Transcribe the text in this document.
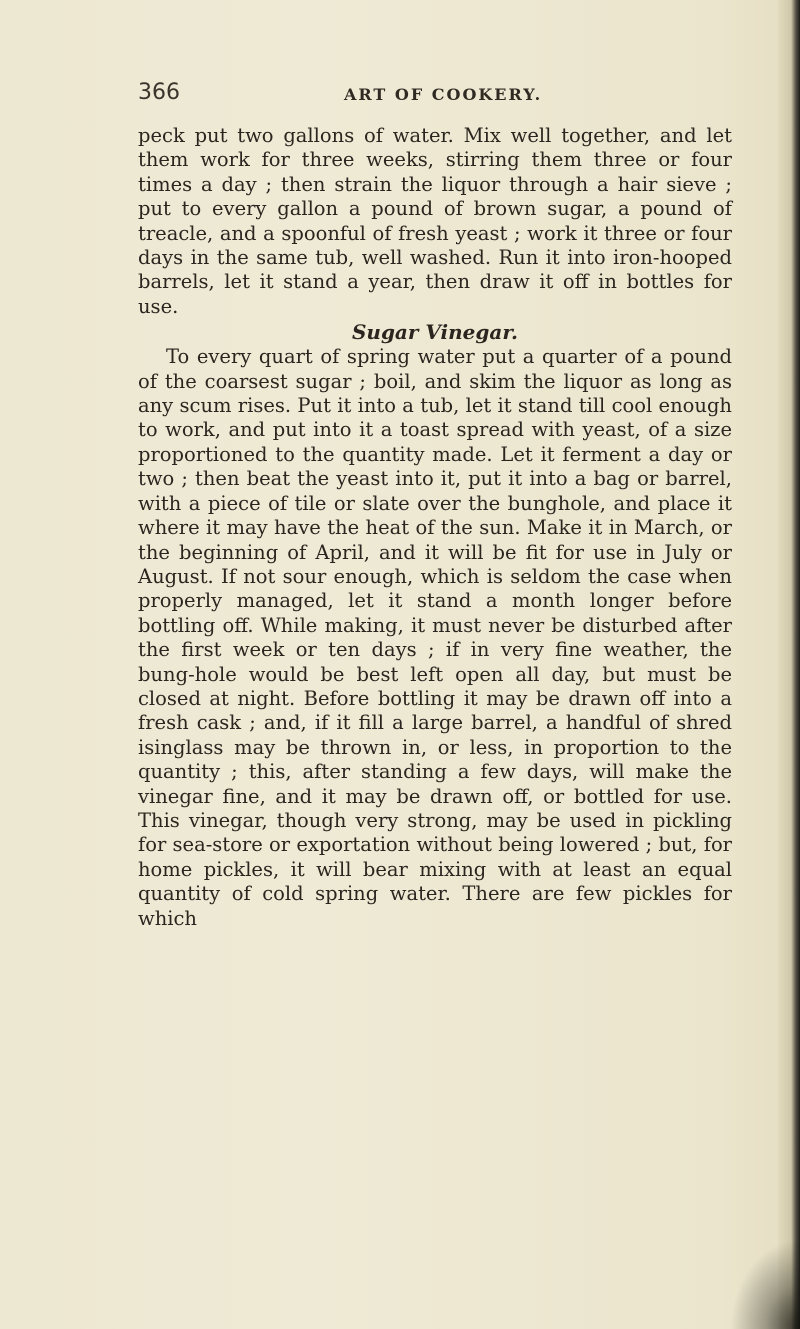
366	ART OF COOKERY.

peck put two gallons of water. Mix well together, and let them work for three weeks, stirring them three or four times a day ; then strain the liquor through a hair sieve ; put to every gallon a pound of brown sugar, a pound of treacle, and a spoonful of fresh yeast ; work it three or four days in the same tub, well washed. Run it into iron-hooped barrels, let it stand a year, then draw it off in bottles for use.

Sugar Vinegar.

To every quart of spring water put a quarter of a pound of the coarsest sugar ; boil, and skim the liquor as long as any scum rises. Put it into a tub, let it stand till cool enough to work, and put into it a toast spread with yeast, of a size proportioned to the quantity made. Let it ferment a day or two ; then beat the yeast into it, put it into a bag or barrel, with a piece of tile or slate over the bunghole, and place it where it may have the heat of the sun. Make it in March, or the beginning of April, and it will be fit for use in July or August. If not sour enough, which is seldom the case when properly managed, let it stand a month longer before bottling off. While making, it must never be disturbed after the first week or ten days ; if in very fine weather, the bung-hole would be best left open all day, but must be closed at night. Before bottling it may be drawn off into a fresh cask ; and, if it fill a large barrel, a handful of shred isinglass may be thrown in, or less, in proportion to the quantity ; this, after standing a few days, will make the vinegar fine, and it may be drawn off, or bottled for use. This vinegar, though very strong, may be used in pickling for sea-store or exportation without being lowered ; but, for home pickles, it will bear mixing with at least an equal quantity of cold spring water. There are few pickles for which
